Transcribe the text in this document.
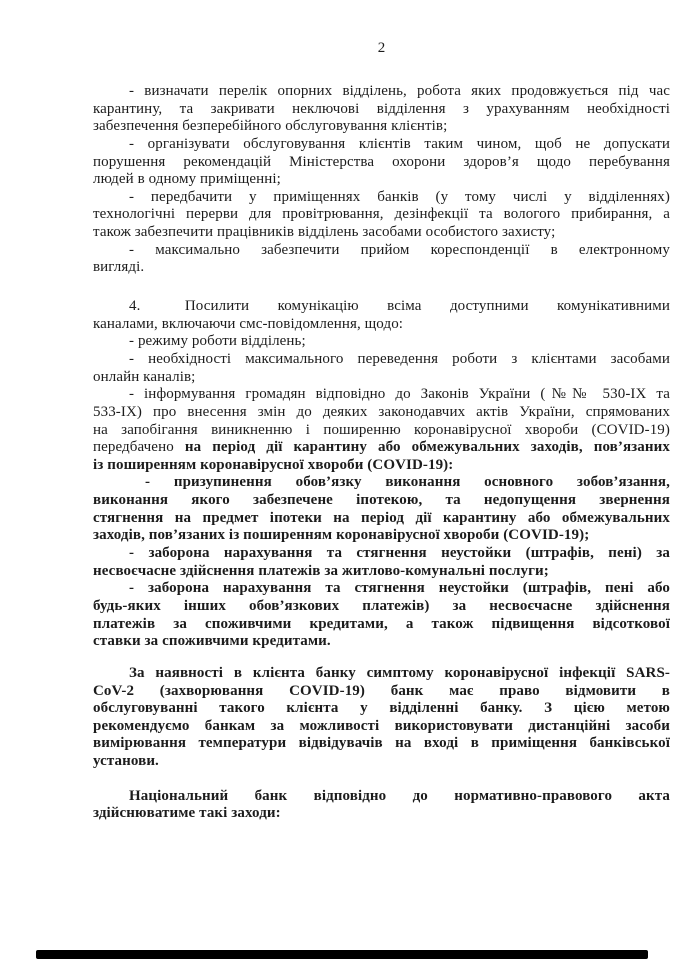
2
- визначати перелік опорних відділень, робота яких продовжується під час
карантину, та закривати неключові відділення з урахуванням необхідності
забезпечення безперебійного обслуговування клієнтів;
- організувати обслуговування клієнтів таким чином, щоб не допускати
порушення рекомендацій Міністерства охорони здоров’я щодо перебування
людей в одному приміщенні;
- передбачити у приміщеннях банків (у тому числі у відділеннях)
технологічні перерви для провітрювання, дезінфекції та вологого прибирання, а
також забезпечити працівників відділень засобами особистого захисту;
- максимально забезпечити прийом кореспонденції в електронному
вигляді.
4. Посилити комунікацію всіма доступними комунікативними
каналами, включаючи смс-повідомлення, щодо:
- режиму роботи відділень;
- необхідності максимального переведення роботи з клієнтами засобами
онлайн каналів;
- інформування громадян відповідно до Законів України (№№ 530-IX та
533-IX) про внесення змін до деяких законодавчих актів України, спрямованих
на запобігання виникненню і поширенню коронавірусної хвороби (COVID-19)
передбачено на період дії карантину або обмежувальних заходів, пов’язаних
із поширенням коронавірусної хвороби (COVID-19):
- призупинення обов’язку виконання основного зобов’язання,
виконання якого забезпечене іпотекою, та недопущення звернення
стягнення на предмет іпотеки на період дії карантину або обмежувальних
заходів, пов’язаних із поширенням коронавірусної хвороби (COVID-19);
- заборона нарахування та стягнення неустойки (штрафів, пені) за
несвоєчасне здійснення платежів за житлово-комунальні послуги;
- заборона нарахування та стягнення неустойки (штрафів, пені або
будь-яких інших обов’язкових платежів) за несвоєчасне здійснення
платежів за споживчими кредитами, а також підвищення відсоткової
ставки за споживчими кредитами.
За наявності в клієнта банку симптому коронавірусної інфекції SARS-
CoV-2 (захворювання COVID-19) банк має право відмовити в
обслуговуванні такого клієнта у відділенні банку. З цією метою
рекомендуємо банкам за можливості використовувати дистанційні засоби
вимірювання температури відвідувачів на вході в приміщення банківської
установи.
Національний банк відповідно до нормативно-правового акта
здійснюватиме такі заходи:
